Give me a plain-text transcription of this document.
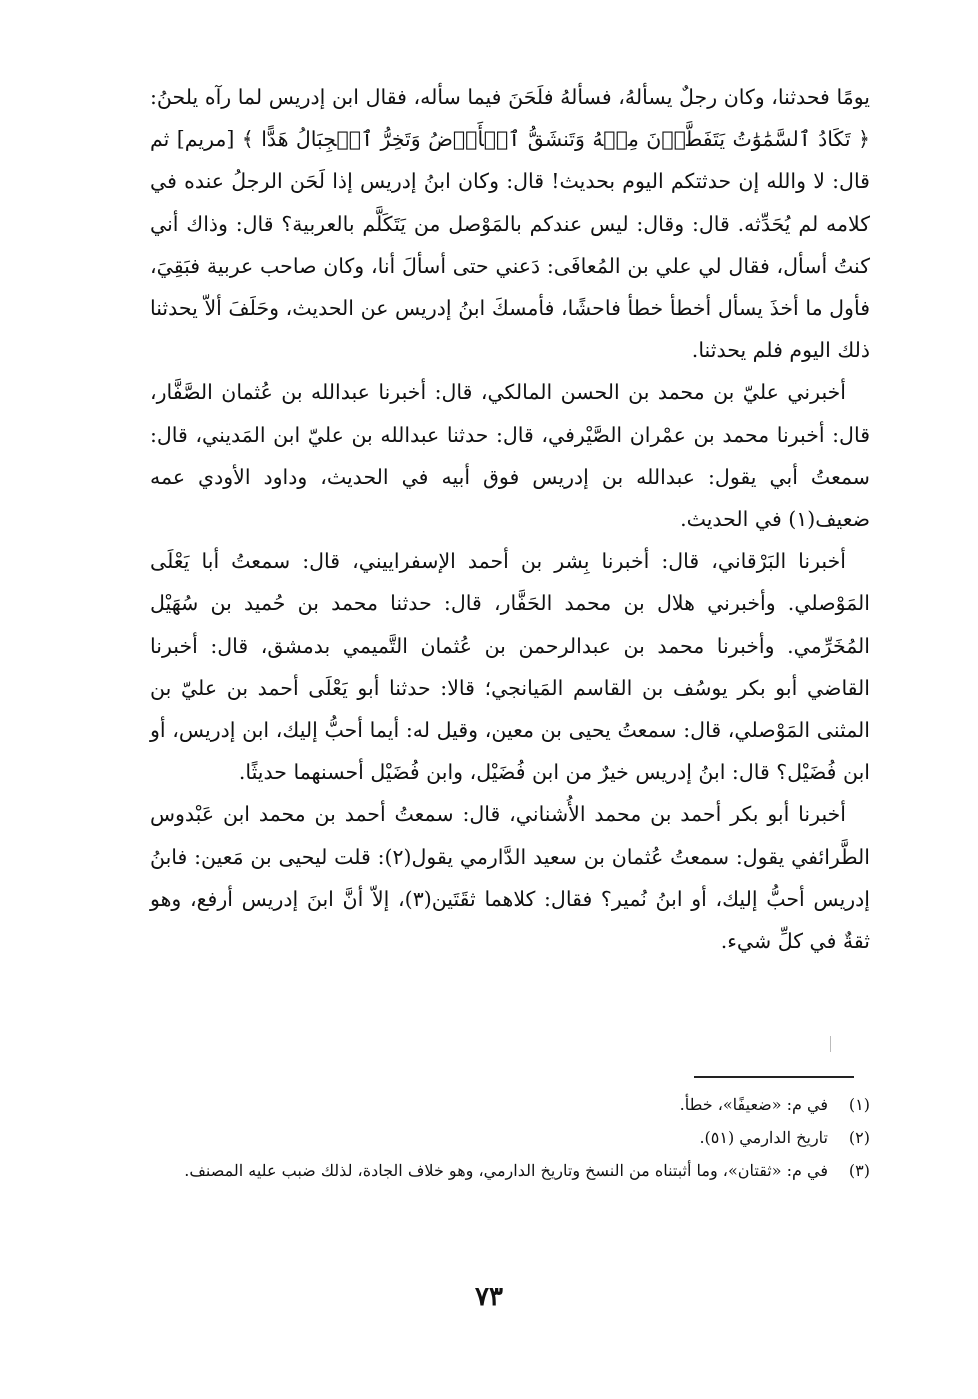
يومًا فحدثنا، وكان رجلٌ يسألهُ، فسألهُ فلَحَنَ فيما سأله، فقال ابن إدريس لما رآه يلحنُ: ﴿ تَكَادُ ٱلسَّمَٰوَٰتُ يَتَفَطَّرۡنَ مِنۡهُ وَتَنشَقُّ ٱلۡأَرۡضُ وَتَخِرُّ ٱلۡجِبَالُ هَدًّا ﴾ [مريم] ثم قال: لا والله إن حدثتكم اليوم بحديث! قال: وكان ابنُ إدريس إذا لَحَن الرجلُ عنده في كلامه لم يُحَدِّثه. قال: وقال: ليس عندكم بالمَوْصل من يَتَكَلَّم بالعربية؟ قال: وذاك أني كنتُ أسأل، فقال لي علي بن المُعافَى: دَعني حتى أسألَ أنا، وكان صاحب عربية فبَقِيَ، فأول ما أخذَ يسأل أخطأ خطأ فاحشًا، فأمسكَ ابنُ إدريس عن الحديث، وحَلَفَ ألاّ يحدثنا ذلك اليوم فلم يحدثنا.

أخبرني عليّ بن محمد بن الحسن المالكي، قال: أخبرنا عبدالله بن عُثمان الصَّفَّار، قال: أخبرنا محمد بن عمْران الصَّيْرفي، قال: حدثنا عبدالله بن عليّ ابن المَديني، قال: سمعتُ أبي يقول: عبدالله بن إدريس فوق أبيه في الحديث، وداود الأودي عمه ضعيف(١) في الحديث.

أخبرنا البَرْقاني، قال: أخبرنا بِشر بن أحمد الإسفراييني، قال: سمعتُ أبا يَعْلَى المَوْصلي. وأخبرني هلال بن محمد الحَفَّار، قال: حدثنا محمد بن حُميد بن سُهَيْل المُخَرِّمي. وأخبرنا محمد بن عبدالرحمن بن عُثمان التَّميمي بدمشق، قال: أخبرنا القاضي أبو بكر يوسُف بن القاسم المَيانجي؛ قالا: حدثنا أبو يَعْلَى أحمد بن عليّ بن المثنى المَوْصلي، قال: سمعتُ يحيى بن معين، وقيل له: أيما أحبُّ إليك، ابن إدريس، أو ابن فُضَيْل؟ قال: ابنُ إدريس خيرٌ من ابن فُضَيْل، وابن فُضَيْل أحسنهما حديثًا.

أخبرنا أبو بكر أحمد بن محمد الأُشناني، قال: سمعتُ أحمد بن محمد ابن عَبْدوس الطَّرائفي يقول: سمعتُ عُثمان بن سعيد الدَّارمي يقول(٢): قلت ليحيى بن مَعين: فابنُ إدريس أحبُّ إليك، أو ابنُ نُمير؟ فقال: كلاهما ثقَتَين(٣)، إلاّ أنَّ ابنَ إدريس أرفع، وهو ثقةٌ في كلِّ شيء.

(١)
في م: «ضعيفًا»، خطأ.
(٢)
تاريخ الدارمي (٥١).
(٣)
في م: «ثقتان»، وما أثبتناه من النسخ وتاريخ الدارمي، وهو خلاف الجادة، لذلك ضبب عليه المصنف.
٧٣
